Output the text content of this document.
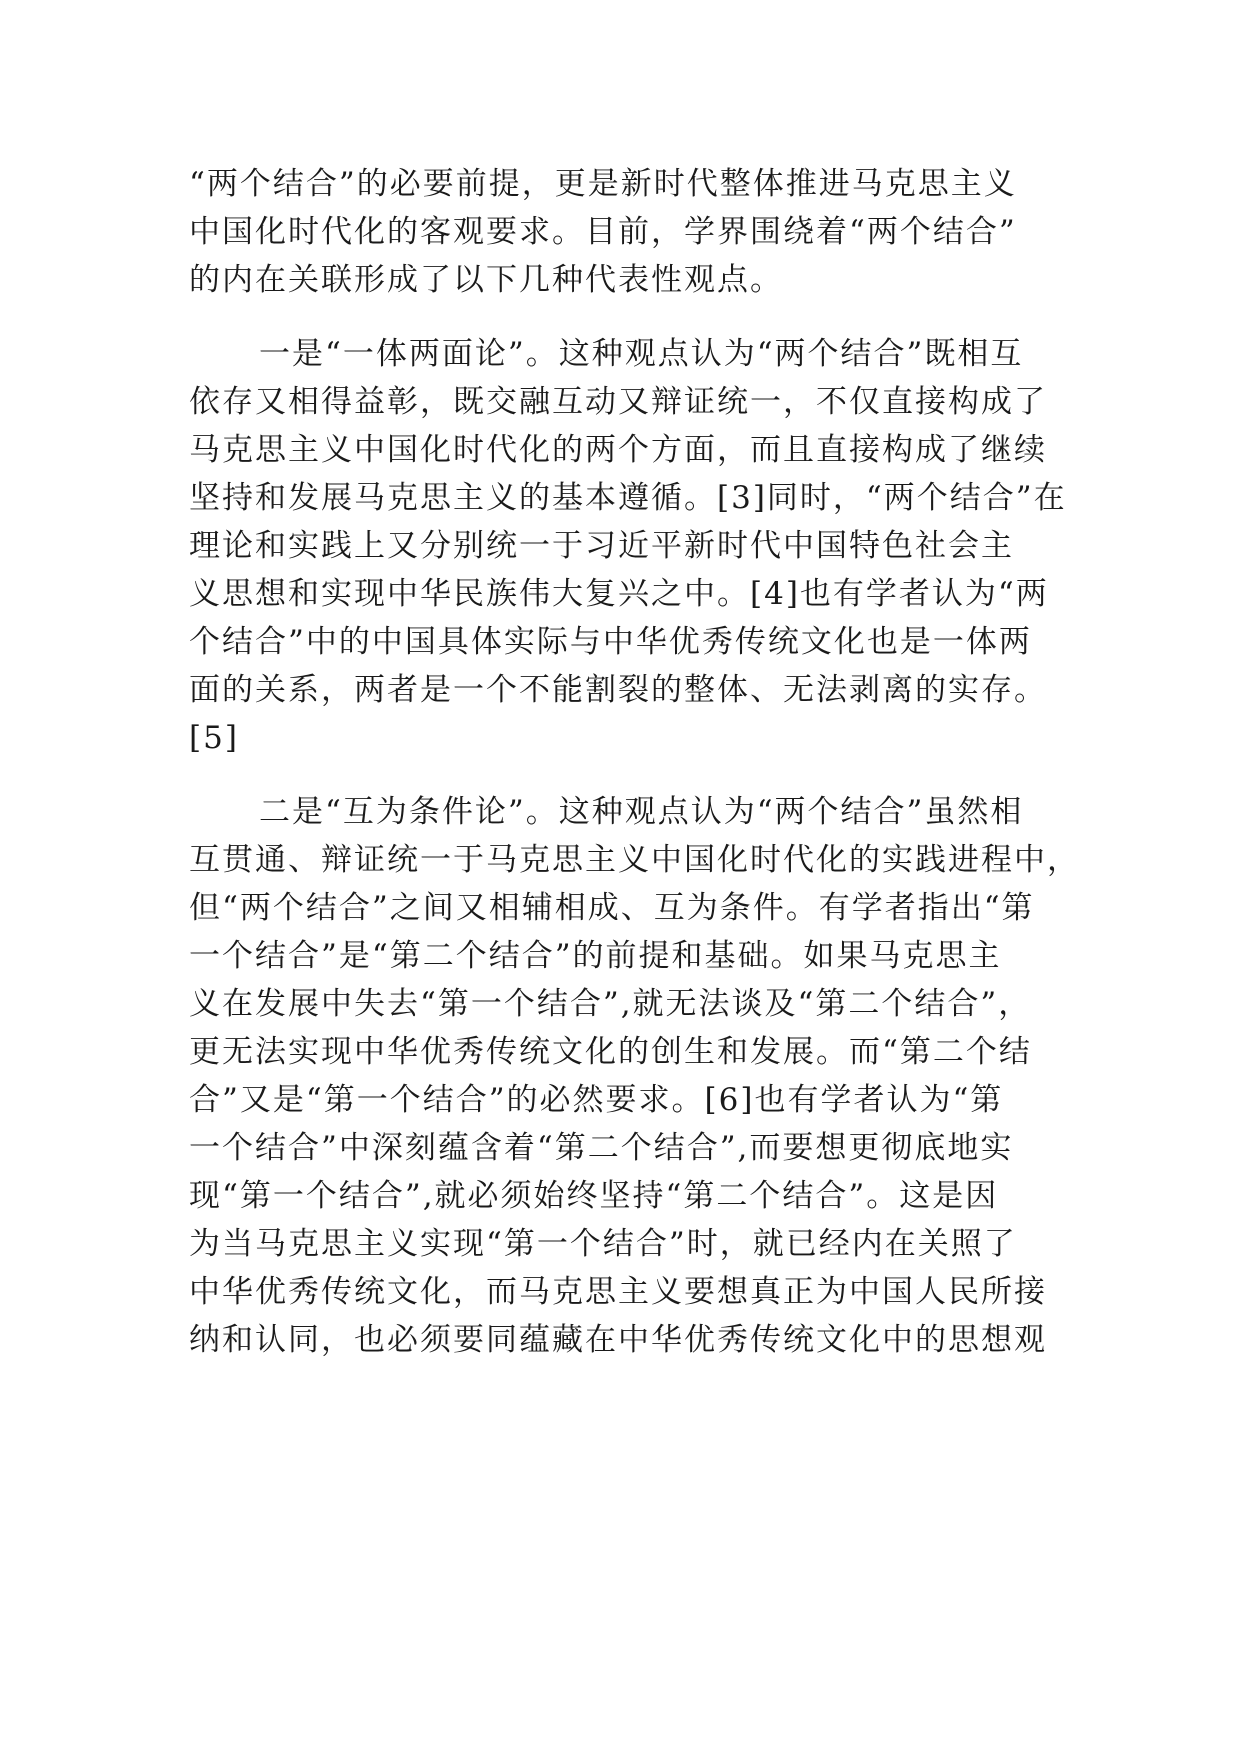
“两个结合”的必要前提，更是新时代整体推进马克思主义
中国化时代化的客观要求。目前，学界围绕着“两个结合”
的内在关联形成了以下几种代表性观点。
一是“一体两面论”。这种观点认为“两个结合”既相互
依存又相得益彰，既交融互动又辩证统一，不仅直接构成了
马克思主义中国化时代化的两个方面，而且直接构成了继续
坚持和发展马克思主义的基本遵循。[3]同时，“两个结合”在
理论和实践上又分别统一于习近平新时代中国特色社会主
义思想和实现中华民族伟大复兴之中。[4]也有学者认为“两
个结合”中的中国具体实际与中华优秀传统文化也是一体两
面的关系，两者是一个不能割裂的整体、无法剥离的实存。
[5]
二是“互为条件论”。这种观点认为“两个结合”虽然相
互贯通、辩证统一于马克思主义中国化时代化的实践进程中，
但“两个结合”之间又相辅相成、互为条件。有学者指出“第
一个结合”是“第二个结合”的前提和基础。如果马克思主
义在发展中失去“第一个结合”,就无法谈及“第二个结合”，
更无法实现中华优秀传统文化的创生和发展。而“第二个结
合”又是“第一个结合”的必然要求。[6]也有学者认为“第
一个结合”中深刻蕴含着“第二个结合”,而要想更彻底地实
现“第一个结合”,就必须始终坚持“第二个结合”。这是因
为当马克思主义实现“第一个结合”时，就已经内在关照了
中华优秀传统文化，而马克思主义要想真正为中国人民所接
纳和认同，也必须要同蕴藏在中华优秀传统文化中的思想观
